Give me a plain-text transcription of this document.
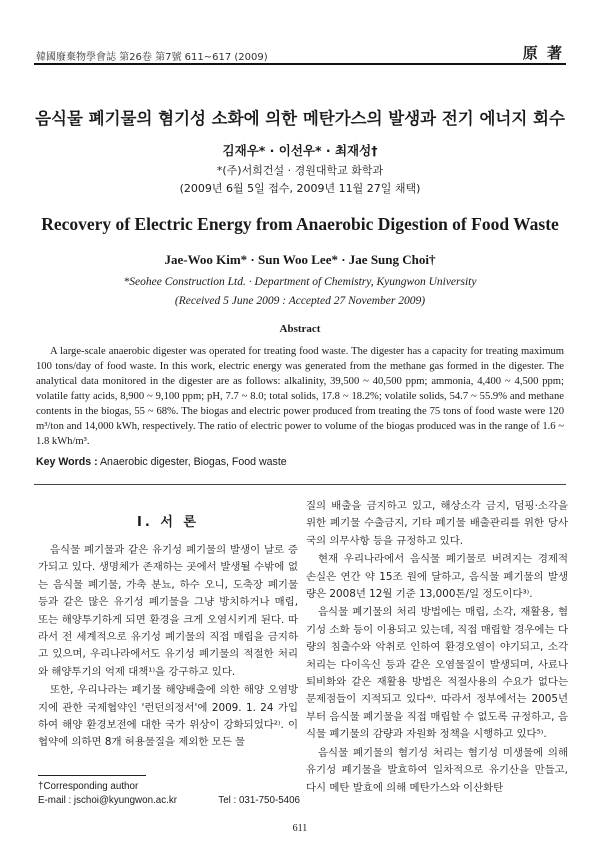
韓國廢棄物學會誌 第26卷 第7號 611~617 (2009)	原 著
음식물 폐기물의 혐기성 소화에 의한 메탄가스의 발생과 전기 에너지 회수
김재우* · 이선우* · 최재성†
*(주)서희건설 · 경원대학교 화학과
(2009년 6월 5일 접수, 2009년 11월 27일 채택)
Recovery of Electric Energy from Anaerobic Digestion of Food Waste
Jae-Woo Kim* · Sun Woo Lee* · Jae Sung Choi†
*Seohee Construction Ltd. · Department of Chemistry, Kyungwon University
(Received 5 June 2009 : Accepted 27 November 2009)
Abstract
A large-scale anaerobic digester was operated for treating food waste. The digester has a capacity for treating maximum 100 tons/day of food waste. In this work, electric energy was generated from the methane gas formed in the digester. The analytical data monitored in the digester are as follows: alkalinity, 39,500 ~ 40,500 ppm; ammonia, 4,400 ~ 4,500 ppm; volatile fatty acids, 8,900 ~ 9,100 ppm; pH, 7.7 ~ 8.0; total solids, 17.8 ~ 18.2%; volatile solids, 54.7 ~ 55.9% and methane contents in the biogas, 55 ~ 68%. The biogas and electric power produced from treating the 75 tons of food waste were 120 m³/ton and 14,000 kWh, respectively. The ratio of electric power to volume of the biogas produced was in the range of 1.6 ~ 1.8 kWh/m³.
Key Words : Anaerobic digester, Biogas, Food waste
I. 서 론

음식물 폐기물과 같은 유기성 폐기물의 발생이 날로 증가되고 있다. 생명체가 존재하는 곳에서 발생될 수밖에 없는 음식물 폐기물, 가축 분뇨, 하수 오니, 도축장 폐기물 등과 같은 많은 유기성 폐기물을 그냥 방치하거나 매립, 또는 해양투기하게 되면 환경을 크게 오염시키게 된다. 따라서 전 세계적으로 유기성 폐기물의 직접 매립을 금지하고 있으며, 우리나라에서도 유기성 폐기물의 적절한 처리와 해양투기의 억제 대책¹⁾을 강구하고 있다.

또한, 우리나라는 폐기물 해양배출에 의한 해양 오염방지에 관한 국제협약인 '런던의정서'에 2009. 1. 24 가입하여 해양 환경보전에 대한 국가 위상이 강화되었다²⁾. 이 협약에 의하면 8개 허용물질을 제외한 모든 물

질의 배출을 금지하고 있고, 해상소각 금지, 덤핑·소각을 위한 폐기물 수출금지, 기타 폐기물 배출관리를 위한 당사국의 의무사항 등을 규정하고 있다.

현재 우리나라에서 음식물 폐기물로 버려지는 경제적 손실은 연간 약 15조 원에 달하고, 음식물 폐기물의 발생량은 2008년 12월 기준 13,000톤/일 정도이다³⁾.

음식물 폐기물의 처리 방법에는 매립, 소각, 재활용, 혐기성 소화 등이 이용되고 있는데, 직접 매립할 경우에는 다량의 침출수와 악취로 인하여 환경오염이 야기되고, 소각 처리는 다이옥신 등과 같은 오염물질이 발생되며, 사료나 퇴비화와 같은 재활용 방법은 적절사용의 수요가 없다는 문제점들이 지적되고 있다⁴⁾. 따라서 정부에서는 2005년부터 음식물 폐기물을 직접 매립할 수 없도록 규정하고, 음식물 폐기물의 감량과 자원화 정책을 시행하고 있다⁵⁾.

음식물 폐기물의 혐기성 처리는 혐기성 미생물에 의해 유기성 폐기물을 발효하여 일차적으로 유기산을 만들고, 다시 메탄 발효에 의해 메탄가스와 이산화탄

†Corresponding author
E-mail : jschoi@kyungwon.ac.kr	Tel : 031-750-5406
611
